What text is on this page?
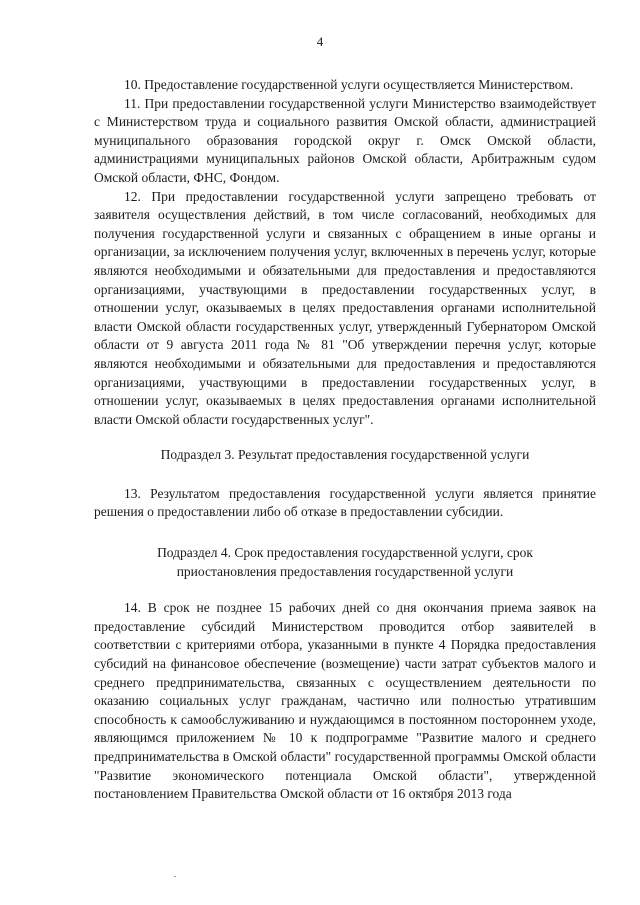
4

10. Предоставление государственной услуги осуществляется Министерством.

11. При предоставлении государственной услуги Министерство взаимодействует с Министерством труда и социального развития Омской области, администрацией муниципального образования городской округ г. Омск Омской области, администрациями муниципальных районов Омской области, Арбитражным судом Омской области, ФНС, Фондом.

12. При предоставлении государственной услуги запрещено требовать от заявителя осуществления действий, в том числе согласований, необходимых для получения государственной услуги и связанных с обращением в иные органы и организации, за исключением получения услуг, включенных в перечень услуг, которые являются необходимыми и обязательными для предоставления и предоставляются организациями, участвующими в предоставлении государственных услуг, в отношении услуг, оказываемых в целях предоставления органами исполнительной власти Омской области государственных услуг, утвержденный Губернатором Омской области от 9 августа 2011 года № 81 "Об утверждении перечня услуг, которые являются необходимыми и обязательными для предоставления и предоставляются организациями, участвующими в предоставлении государственных услуг, в отношении услуг, оказываемых в целях предоставления органами исполнительной власти Омской области государственных услуг".

Подраздел 3. Результат предоставления государственной услуги

13. Результатом предоставления государственной услуги является принятие решения о предоставлении либо об отказе в предоставлении субсидии.

Подраздел 4. Срок предоставления государственной услуги, срок

приостановления предоставления государственной услуги

14. В срок не позднее 15 рабочих дней со дня окончания приема заявок на предоставление субсидий Министерством проводится отбор заявителей в соответствии с критериями отбора, указанными в пункте 4 Порядка предоставления субсидий на финансовое обеспечение (возмещение) части затрат субъектов малого и среднего предпринимательства, связанных с осуществлением деятельности по оказанию социальных услуг гражданам, частично или полностью утратившим способность к самообслуживанию и нуждающимся в постоянном постороннем уходе, являющимся приложением № 10 к подпрограмме "Развитие малого и среднего предпринимательства в Омской области" государственной программы Омской области "Развитие экономического потенциала Омской области", утвержденной постановлением Правительства Омской области от 16 октября 2013 года
